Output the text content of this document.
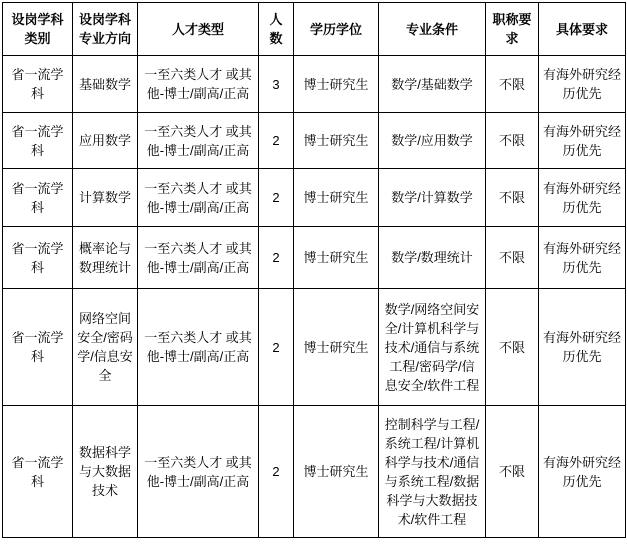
设岗学科类别	设岗学科专业方向	人才类型	人数	学历学位	专业条件	职称要求	具体要求
省一流学科	基础数学	一至六类人才 或其他-博士/副高/正高	3	博士研究生	数学/基础数学	不限	有海外研究经历优先
省一流学科	应用数学	一至六类人才 或其他-博士/副高/正高	2	博士研究生	数学/应用数学	不限	有海外研究经历优先
省一流学科	计算数学	一至六类人才 或其他-博士/副高/正高	2	博士研究生	数学/计算数学	不限	有海外研究经历优先
省一流学科	概率论与数理统计	一至六类人才 或其他-博士/副高/正高	2	博士研究生	数学/数理统计	不限	有海外研究经历优先
省一流学科	网络空间安全/密码学/信息安全	一至六类人才 或其他-博士/副高/正高	2	博士研究生	数学/网络空间安全/计算机科学与技术/通信与系统工程/密码学/信息安全/软件工程	不限	有海外研究经历优先
省一流学科	数据科学与大数据技术	一至六类人才 或其他-博士/副高/正高	2	博士研究生	控制科学与工程/系统工程/计算机科学与技术/通信与系统工程/数据科学与大数据技术/软件工程	不限	有海外研究经历优先
